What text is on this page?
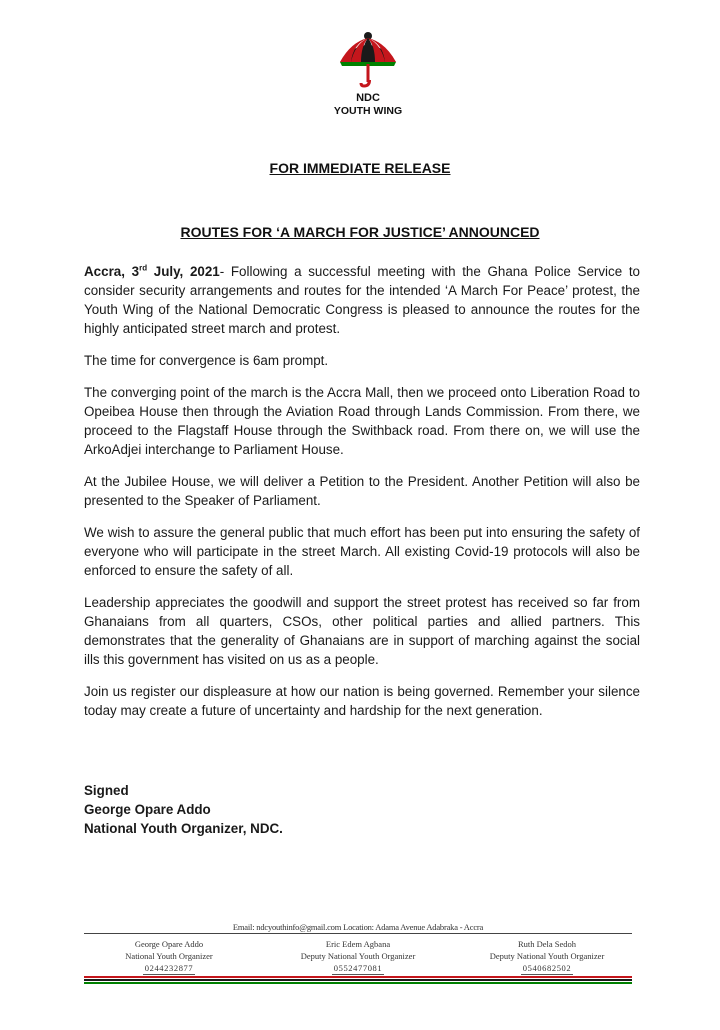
NDC
YOUTH WING
FOR IMMEDIATE RELEASE
ROUTES FOR ‘A MARCH FOR JUSTICE’ ANNOUNCED

Accra, 3rd July, 2021- Following a successful meeting with the Ghana Police Service to consider security arrangements and routes for the intended ‘A March For Peace’ protest, the Youth Wing of the National Democratic Congress is pleased to announce the routes for the highly anticipated street march and protest.

The time for convergence is 6am prompt.

The converging point of the march is the Accra Mall, then we proceed onto Liberation Road to Opeibea House then through the Aviation Road through Lands Commission. From there, we proceed to the Flagstaff House through the Swithback road. From there on, we will use the ArkoAdjei interchange to Parliament House.

At the Jubilee House, we will deliver a Petition to the President. Another Petition will also be presented to the Speaker of Parliament.

We wish to assure the general public that much effort has been put into ensuring the safety of everyone who will participate in the street March. All existing Covid-19 protocols will also be enforced to ensure the safety of all.

Leadership appreciates the goodwill and support the street protest has received so far from Ghanaians from all quarters, CSOs, other political parties and allied partners. This demonstrates that the generality of Ghanaians are in support of marching against the social ills this government has visited on us as a people.

Join us register our displeasure at how our nation is being governed. Remember your silence today may create a future of uncertainty and hardship for the next generation.

Signed
George Opare Addo
National Youth Organizer, NDC.
Email: ndcyouthinfo@gmail.com Location: Adama Avenue Adabraka - Accra
George Opare Addo
National Youth Organizer
0244232877
Eric Edem Agbana
Deputy National Youth Organizer
0552477081
Ruth Dela Sedoh
Deputy National Youth Organizer
0540682502
